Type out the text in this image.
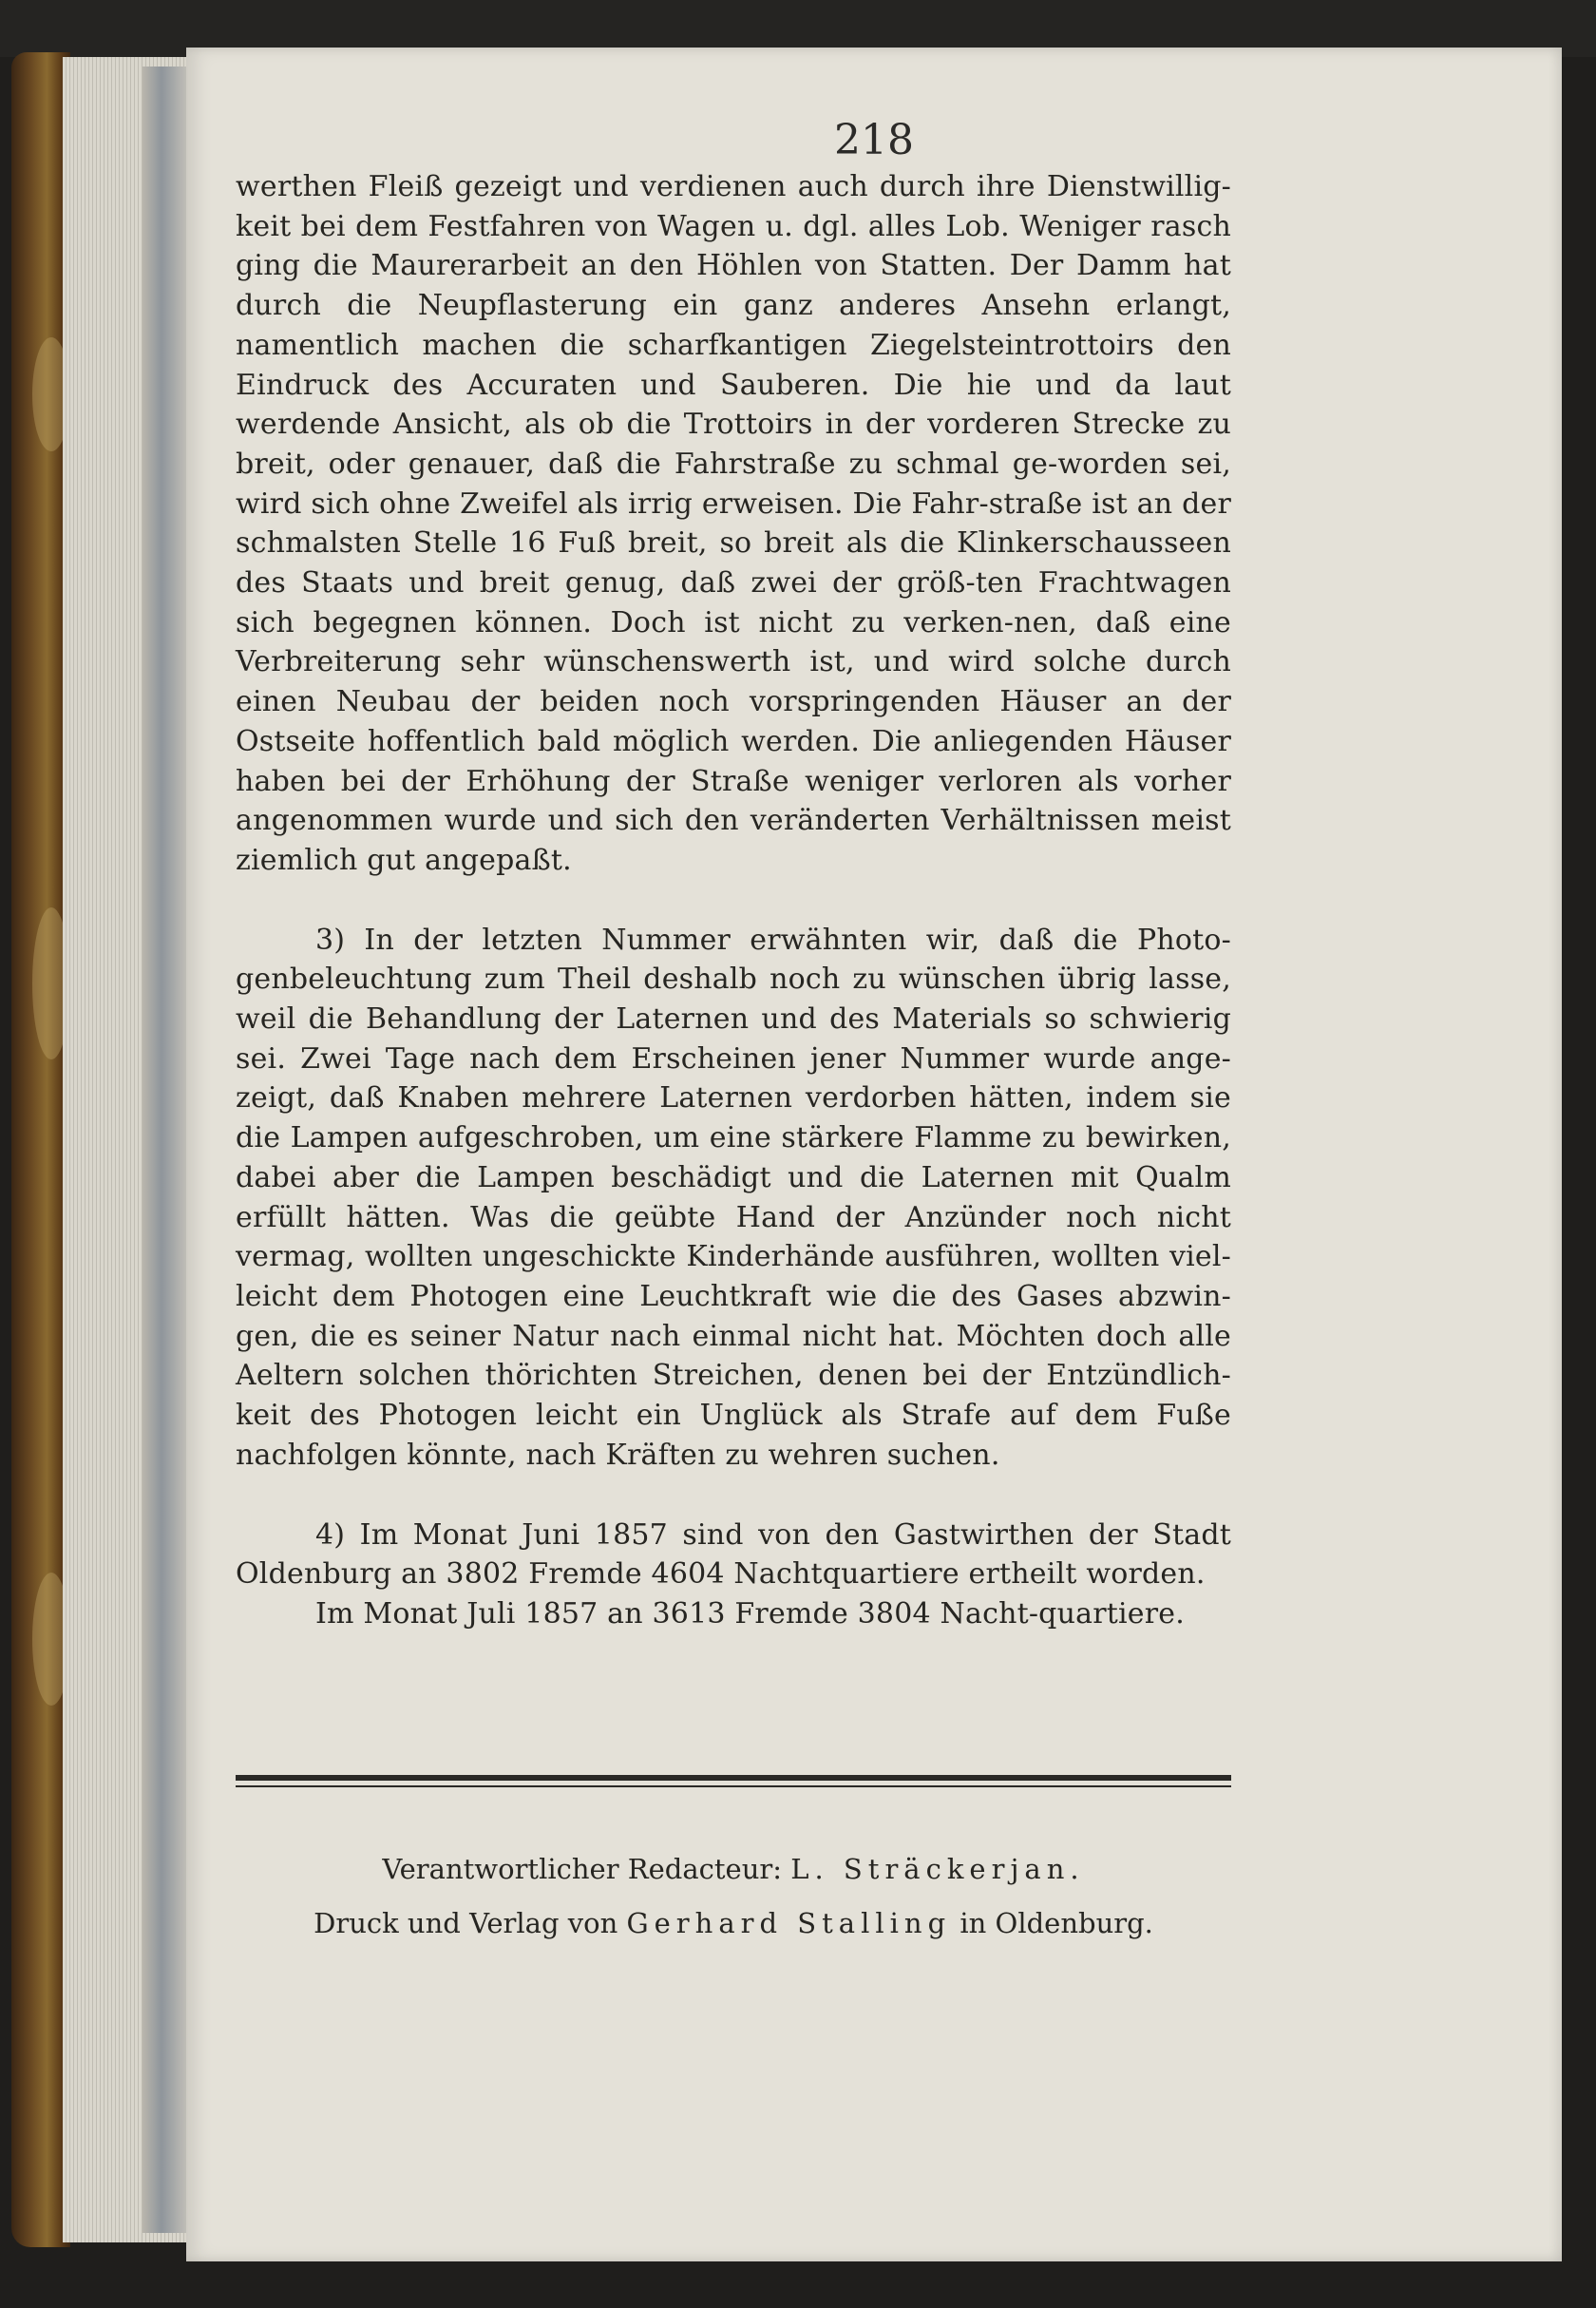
218

werthen Fleiß gezeigt und verdienen auch durch ihre Dienstwillig-keit bei dem Festfahren von Wagen u. dgl. alles Lob. Weniger rasch ging die Maurerarbeit an den Höhlen von Statten. Der Damm hat durch die Neupflasterung ein ganz anderes Ansehn erlangt, namentlich machen die scharfkantigen Ziegelsteintrottoirs den Eindruck des Accuraten und Sauberen. Die hie und da laut werdende Ansicht, als ob die Trottoirs in der vorderen Strecke zu breit, oder genauer, daß die Fahrstraße zu schmal ge-worden sei, wird sich ohne Zweifel als irrig erweisen. Die Fahr-straße ist an der schmalsten Stelle 16 Fuß breit, so breit als die Klinkerschausseen des Staats und breit genug, daß zwei der größ-ten Frachtwagen sich begegnen können. Doch ist nicht zu verken-nen, daß eine Verbreiterung sehr wünschenswerth ist, und wird solche durch einen Neubau der beiden noch vorspringenden Häuser an der Ostseite hoffentlich bald möglich werden. Die anliegenden Häuser haben bei der Erhöhung der Straße weniger verloren als vorher angenommen wurde und sich den veränderten Verhältnissen meist ziemlich gut angepaßt.

3) In der letzten Nummer erwähnten wir, daß die Photo-genbeleuchtung zum Theil deshalb noch zu wünschen übrig lasse, weil die Behandlung der Laternen und des Materials so schwierig sei. Zwei Tage nach dem Erscheinen jener Nummer wurde ange-zeigt, daß Knaben mehrere Laternen verdorben hätten, indem sie die Lampen aufgeschroben, um eine stärkere Flamme zu bewirken, dabei aber die Lampen beschädigt und die Laternen mit Qualm erfüllt hätten. Was die geübte Hand der Anzünder noch nicht vermag, wollten ungeschickte Kinderhände ausführen, wollten viel-leicht dem Photogen eine Leuchtkraft wie die des Gases abzwin-gen, die es seiner Natur nach einmal nicht hat. Möchten doch alle Aeltern solchen thörichten Streichen, denen bei der Entzündlich-keit des Photogen leicht ein Unglück als Strafe auf dem Fuße nachfolgen könnte, nach Kräften zu wehren suchen.

4) Im Monat Juni 1857 sind von den Gastwirthen der Stadt Oldenburg an 3802 Fremde 4604 Nachtquartiere ertheilt worden.

Im Monat Juli 1857 an 3613 Fremde 3804 Nacht-quartiere.

Verantwortlicher Redacteur: L. Sträckerjan.
Druck und Verlag von Gerhard Stalling in Oldenburg.
